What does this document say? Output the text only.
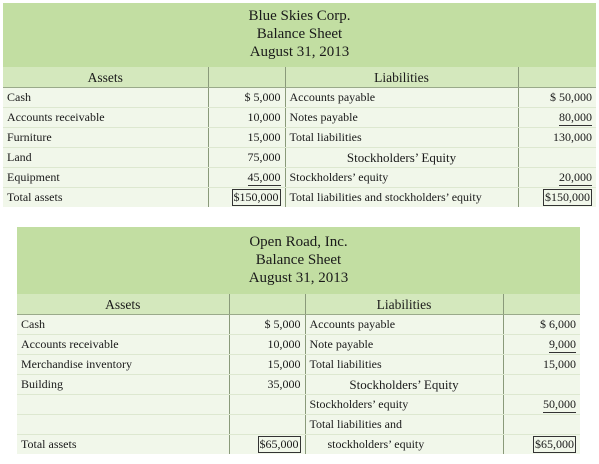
Blue Skies Corp.
Balance Sheet
August 31, 2013
Assets		Liabilities	
Cash	$ 5,000	Accounts payable	$ 50,000
Accounts receivable	10,000	Notes payable	80,000
Furniture	15,000	Total liabilities	130,000
Land	75,000	Stockholders’ Equity	
Equipment	45,000	Stockholders’ equity	20,000
Total assets	$150,000	Total liabilities and stockholders’ equity	$150,000
Open Road, Inc.
Balance Sheet
August 31, 2013
Assets		Liabilities	
Cash	$ 5,000	Accounts payable	$ 6,000
Accounts receivable	10,000	Note payable	9,000
Merchandise inventory	15,000	Total liabilities	15,000
Building	35,000	Stockholders’ Equity	
		Stockholders’ equity	50,000
		Total liabilities and	
Total assets	$65,000	stockholders’ equity	$65,000
